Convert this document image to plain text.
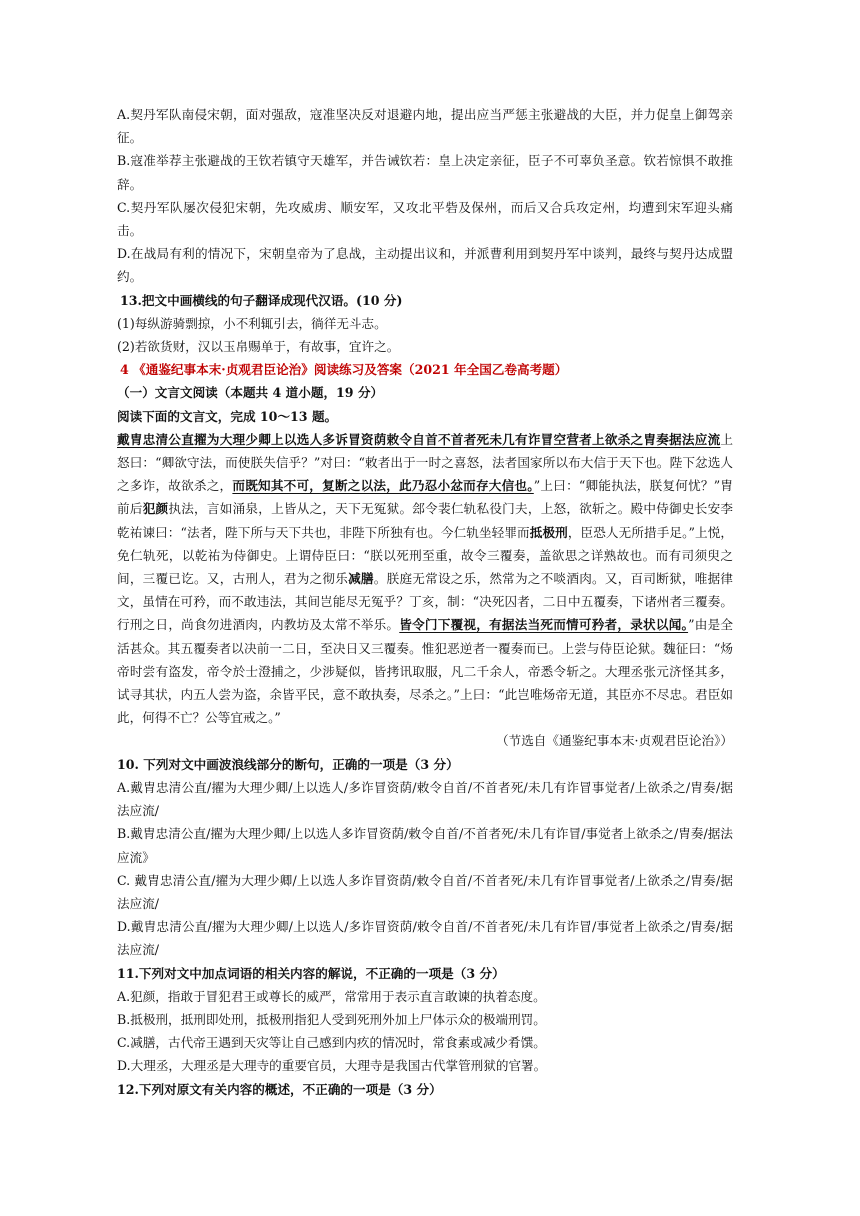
A.契丹军队南侵宋朝，面对强敌，寇准坚决反对退避内地，提出应当严惩主张避战的大臣，并力促皇上御驾亲征。

B.寇准举荐主张避战的王钦若镇守天雄军，并告诫钦若：皇上决定亲征，臣子不可辜负圣意。钦若惊惧不敢推辞。

C.契丹军队屡次侵犯宋朝，先攻威虏、顺安军，又攻北平砦及保州，而后又合兵攻定州，均遭到宋军迎头痛击。

D.在战局有利的情况下，宋朝皇帝为了息战，主动提出议和，并派曹利用到契丹军中谈判，最终与契丹达成盟约。

13.把文中画横线的句子翻译成现代汉语。(10 分)

(1)每纵游骑剽掠，小不利辄引去，徜徉无斗志。

(2)若欲货财，汉以玉帛赐单于，有故事，宜许之。

4 《通鉴纪事本末·贞观君臣论治》阅读练习及答案（2021 年全国乙卷高考题）

（一）文言文阅读（本题共 4 道小题，19 分）

阅读下面的文言文，完成 10～13 题。

戴胄忠清公直擢为大理少卿上以选人多诉冒资荫敕令自首不首者死未几有诈冒空营者上欲杀之胄奏据法应流上怒曰：“卿欲守法，而使朕失信乎？”对曰：“敕者出于一时之喜怒，法者国家所以布大信于天下也。陛下忿选人之多诈，故欲杀之，而既知其不可，复断之以法，此乃忍小忿而存大信也。”上曰：“卿能执法，朕复何忧？”胄前后犯颜执法，言如涌泉，上皆从之，天下无冤狱。郐令裴仁轨私役门夫，上怒，欲斩之。殿中侍御史长安李乾祐谏曰：“法者，陛下所与天下共也，非陛下所独有也。今仁轨坐轻罪而抵极刑，臣恐人无所措手足。”上悦，免仁轨死，以乾祐为侍御史。上谓侍臣曰：“朕以死刑至重，故令三覆奏，盖欲思之详熟故也。而有司须臾之间，三覆已讫。又，古刑人，君为之彻乐减膳。朕庭无常设之乐，然常为之不啖酒肉。又，百司断狱，唯据律文，虽情在可矜，而不敢违法，其间岂能尽无冤乎？丁亥，制：“决死囚者，二日中五覆奏，下诸州者三覆奏。行刑之日，尚食勿进酒肉，内教坊及太常不举乐。皆令门下覆视，有据法当死而情可矜者，录状以闻。”由是全活甚众。其五覆奏者以决前一二日，至决日又三覆奏。惟犯恶逆者一覆奏而已。上尝与侍臣论狱。魏征曰：“炀帝时尝有盗发，帝令於士澄捕之，少涉疑似，皆拷讯取服，凡二千余人，帝悉令斩之。大理丞张元济怪其多，试寻其状，内五人尝为盗，余皆平民，意不敢执奏，尽杀之。”上曰：“此岂唯炀帝无道，其臣亦不尽忠。君臣如此，何得不亡？公等宜戒之。”

（节选自《通鉴纪事本末·贞观君臣论治》）

10. 下列对文中画波浪线部分的断句，正确的一项是（3 分）

A.戴胄忠清公直/擢为大理少卿/上以选人/多诈冒资荫/敕令自首/不首者死/未几有诈冒事觉者/上欲杀之/胄奏/据法应流/

B.戴胄忠清公直/擢为大理少卿/上以选人多诈冒资荫/敕令自首/不首者死/未几有诈冒/事觉者上欲杀之/胄奏/据法应流》

C. 戴胄忠清公直/擢为大理少卿/上以选人多诈冒资荫/敕令自首/不首者死/未几有诈冒事觉者/上欲杀之/胄奏/据法应流/

D.戴胄忠清公直/擢为大理少卿/上以选人/多诈冒资荫/敕令自首/不首者死/未几有诈冒/事觉者上欲杀之/胄奏/据法应流/

11.下列对文中加点词语的相关内容的解说，不正确的一项是（3 分）

A.犯颜，指敢于冒犯君王或尊长的威严，常常用于表示直言敢谏的执着态度。

B.抵极刑，抵刑即处刑，抵极刑指犯人受到死刑外加上尸体示众的极端刑罚。

C.减膳，古代帝王遇到天灾等让自己感到内疚的情况时，常食素或减少肴馔。

D.大理丞，大理丞是大理寺的重要官员，大理寺是我国古代掌管刑狱的官署。

12.下列对原文有关内容的概述，不正确的一项是（3 分）
